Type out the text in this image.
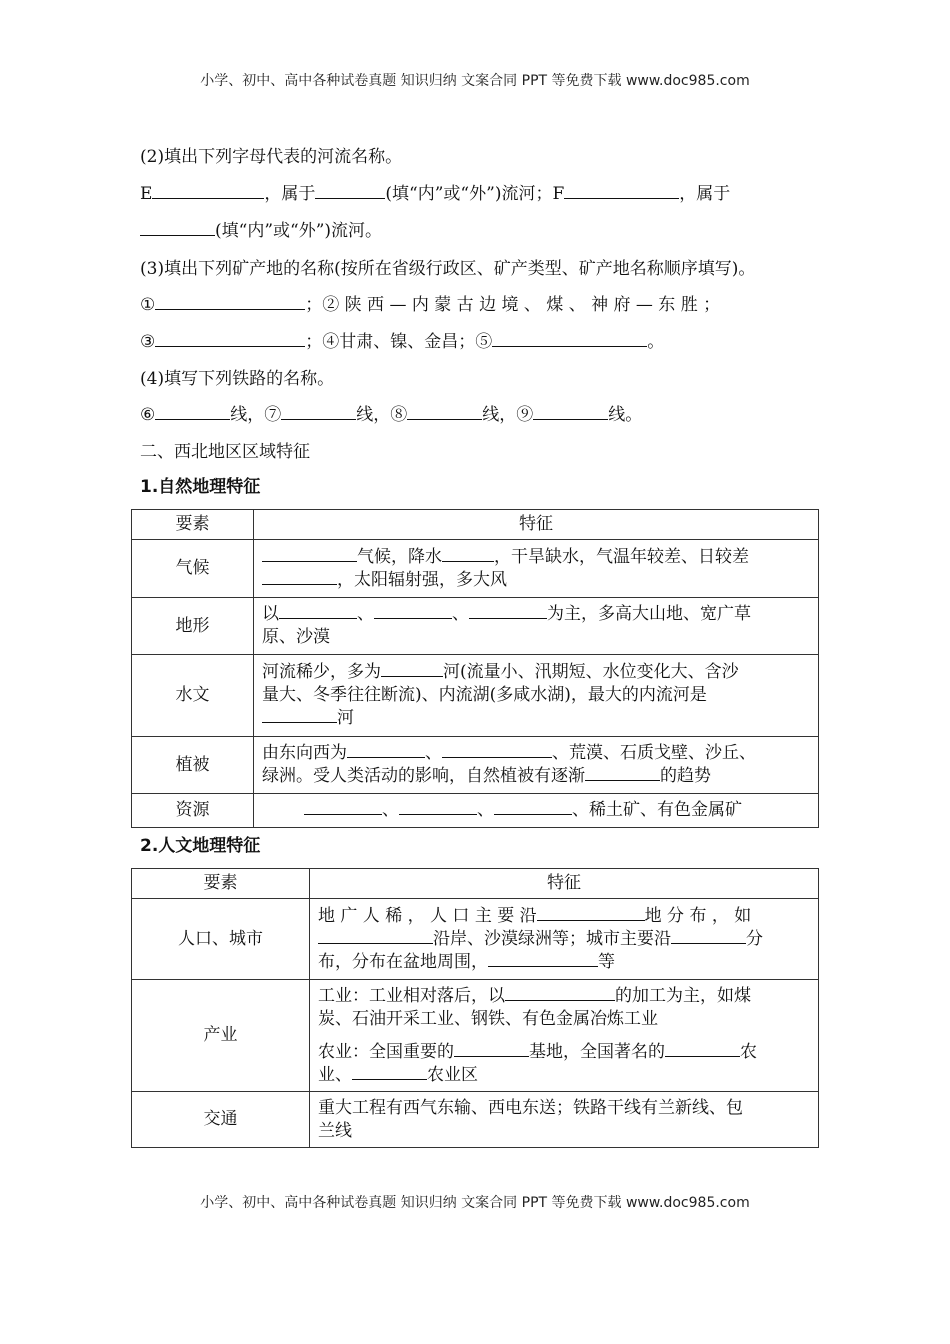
小学、初中、高中各种试卷真题 知识归纳 文案合同 PPT 等免费下载 www.doc985.com
(2)填出下列字母代表的河流名称。
E	，属于	(填“内”或“外”)流河；F	，属于
(填“内”或“外”)流河。
(3)填出下列矿产地的名称(按所在省级行政区、矿产类型、矿产地名称顺序填写)。
①	；② 陕 西 — 内 蒙 古 边 境 、 煤 、 神 府 — 东 胜 ；
③	；④甘肃、镍、金昌；⑤	。
(4)填写下列铁路的名称。
⑥	线，⑦	线，⑧	线，⑨	线。
二、西北地区区域特征
1.自然地理特征
要素	特征
气候	气候，降水 ，干旱缺水，气温年较差、日较差
，太阳辐射强，多大风
地形	以 、 、 为主，多高大山地、宽广草
原、沙漠
水文	河流稀少，多为 河(流量小、汛期短、水位变化大、含沙
量大、冬季往往断流)、内流湖(多咸水湖)，最大的内流河是
河
植被	由东向西为 、 、荒漠、石质戈壁、沙丘、
绿洲。受人类活动的影响，自然植被有逐渐 的趋势
资源	、 、 、稀土矿、有色金属矿
2.人文地理特征
要素	特征
人口、城市	地 广 人 稀 ， 人 口 主 要 沿 地 分 布 ， 如
沿岸、沙漠绿洲等；城市主要沿 分
布，分布在盆地周围， 等
产业	工业：工业相对落后，以 的加工为主，如煤
炭、石油开采工业、钢铁、有色金属冶炼工业
农业：全国重要的 基地，全国著名的 农
业、 农业区
交通	重大工程有西气东输、西电东送；铁路干线有兰新线、包
兰线
小学、初中、高中各种试卷真题 知识归纳 文案合同 PPT 等免费下载 www.doc985.com
